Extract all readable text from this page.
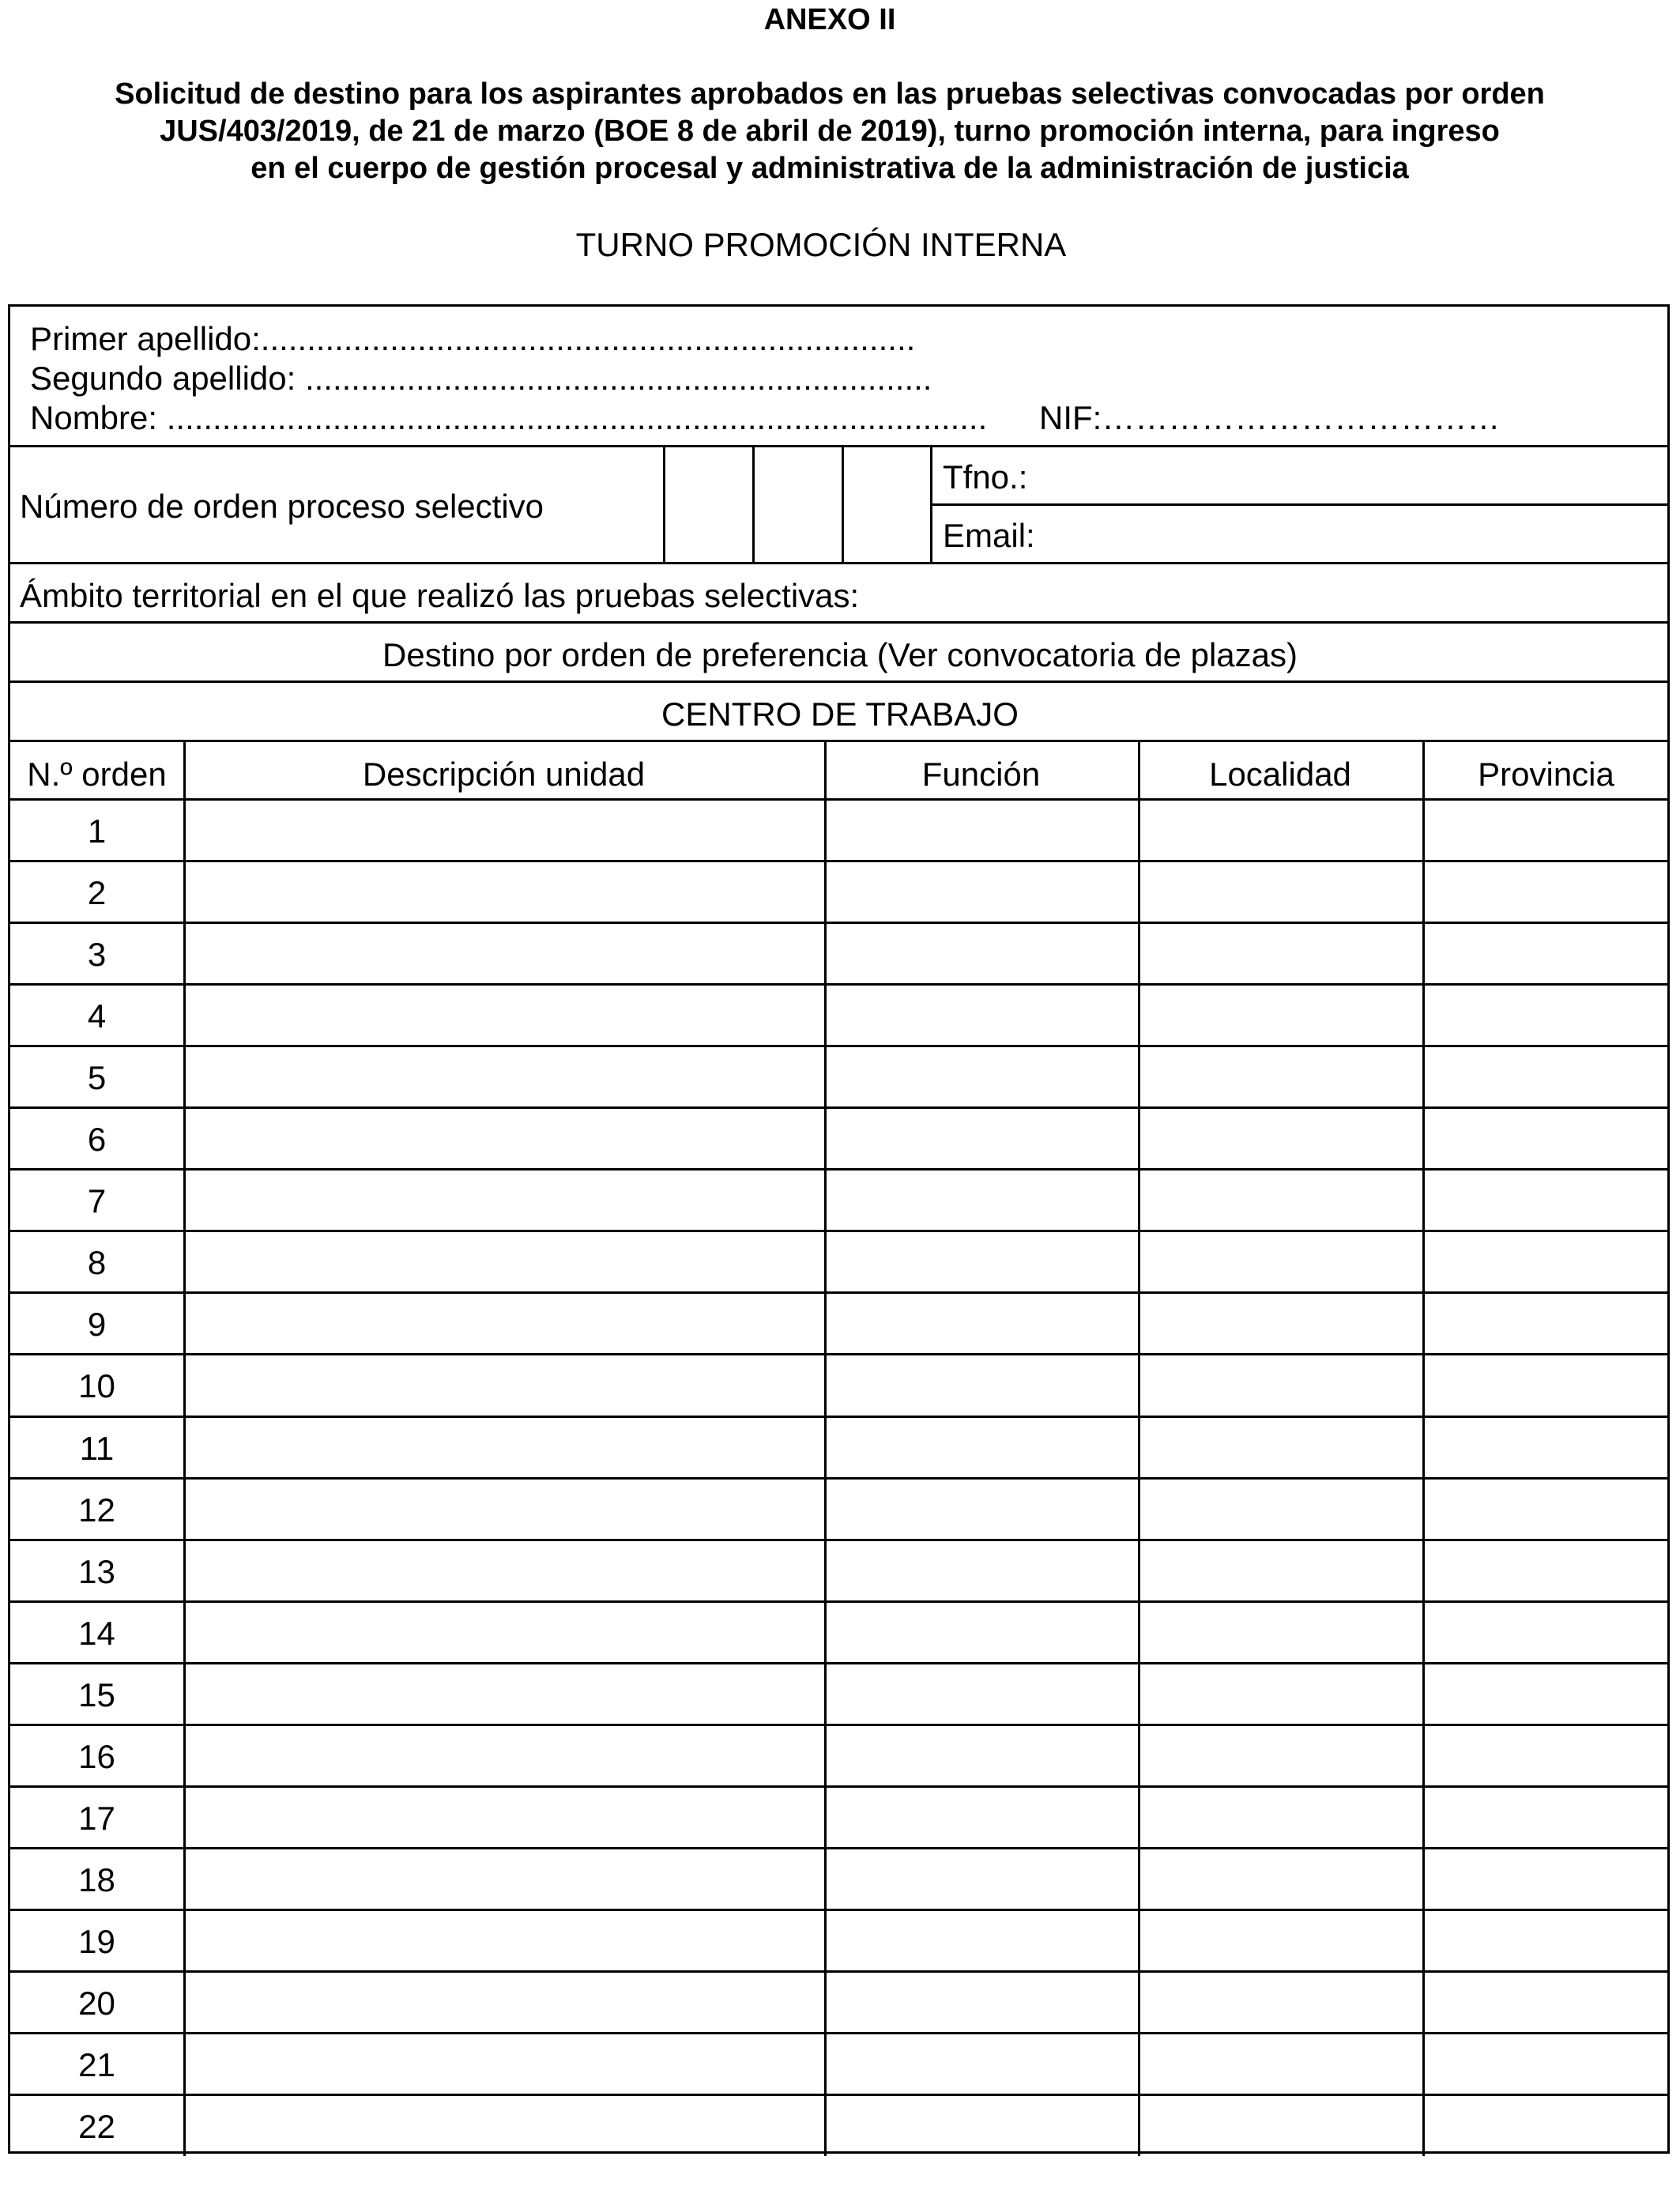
ANEXO II
Solicitud de destino para los aspirantes aprobados en las pruebas selectivas convocadas por orden
JUS/403/2019, de 21 de marzo (BOE 8 de abril de 2019), turno promoción interna, para ingreso
en el cuerpo de gestión procesal y administrativa de la administración de justicia
TURNO PROMOCIÓN INTERNA
Primer apellido:.......................................................................
Segundo apellido: ....................................................................
Nombre: ......................................................................................... NIF:………………………………
Número de orden proceso selectivo
Tfno.:
Email:
Ámbito territorial en el que realizó las pruebas selectivas:
Destino por orden de preferencia (Ver convocatoria de plazas)
CENTRO DE TRABAJO
N.º orden	Descripción unidad	Función	Localidad	Provincia
1
2
3
4
5
6
7
8
9
10
11
12
13
14
15
16
17
18
19
20
21
22
